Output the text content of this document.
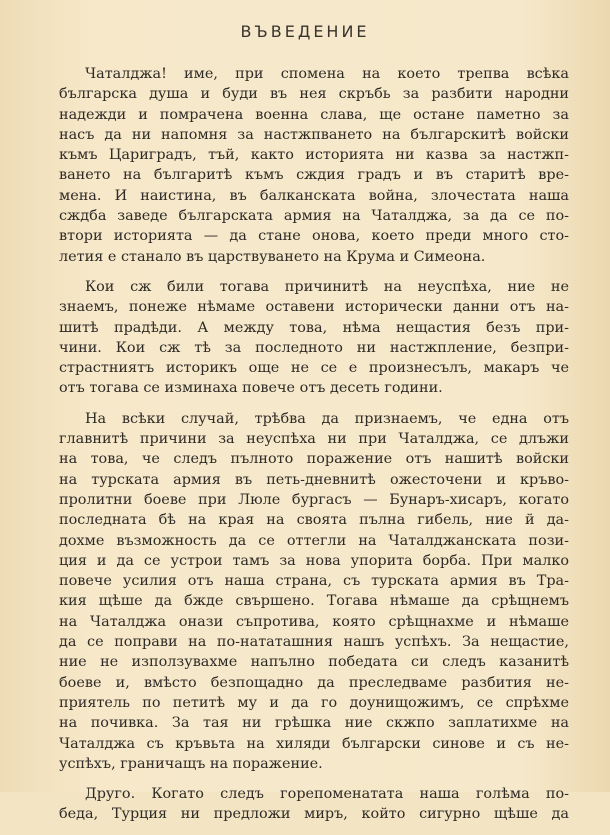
ВЪВЕДЕНИЕ
Чаталджа! име, при спомена на което трепва всѣка
българска душа и буди въ нея скръбь за разбити народни
надежди и помрачена военна слава, ще остане паметно за
насъ да ни напомня за настжпването на българскитѣ войски
къмъ Цариградъ, тъй, както историята ни казва за настжп-
ването на българитѣ къмъ сждия градъ и въ старитѣ вре-
мена. И наистина, въ балканската война, злочестата наша
сждба заведе българската армия на Чаталджа, за да се по-
втори историята — да стане онова, което преди много сто-
летия е станало въ царствуването на Крума и Симеона.
Кои сж били тогава причинитѣ на неуспѣха, ние не
знаемъ, понеже нѣмаме оставени исторически данни отъ на-
шитѣ прадѣди. А между това, нѣма нещастия безъ при-
чини. Кои сж тѣ за последното ни настжпление, безпри-
страстниятъ историкъ още не се е произнесълъ, макаръ че
отъ тогава се изминаха повече отъ десеть години.
На всѣки случай, трѣбва да признаемъ, че една отъ
главнитѣ причини за неуспѣха ни при Чаталджа, се длъжи
на това, че следъ пълното поражение отъ нашитѣ войски
на турската армия въ петь-дневнитѣ ожесточени и кръво-
пролитни боеве при Люле бургасъ — Бунаръ-хисаръ, когато
последната бѣ на края на своята пълна гибель, ние й да-
дохме възможность да се оттегли на Чаталджанската пози-
ция и да се устрои тамъ за нова упорита борба. При малко
повече усилия отъ наша страна, съ турската армия въ Тра-
кия щѣше да бжде свършено. Тогава нѣмаше да срѣщнемъ
на Чаталджа онази съпротива, която срѣщнахме и нѣмаше
да се поправи на по-нататашния нашъ успѣхъ. За нещастие,
ние не използувахме напълно победата си следъ казанитѣ
боеве и, вмѣсто безпощадно да преследваме разбития не-
приятель по петитѣ му и да го доунищожимъ, се спрѣхме
на почивка. За тая ни грѣшка ние скжпо заплатихме на
Чаталджа съ кръвьта на хиляди български синове и съ не-
успѣхъ, граничащъ на поражение.
Друго. Когато следъ горепоменатата наша голѣма по-
беда, Турция ни предложи миръ, който сигурно щѣше да
